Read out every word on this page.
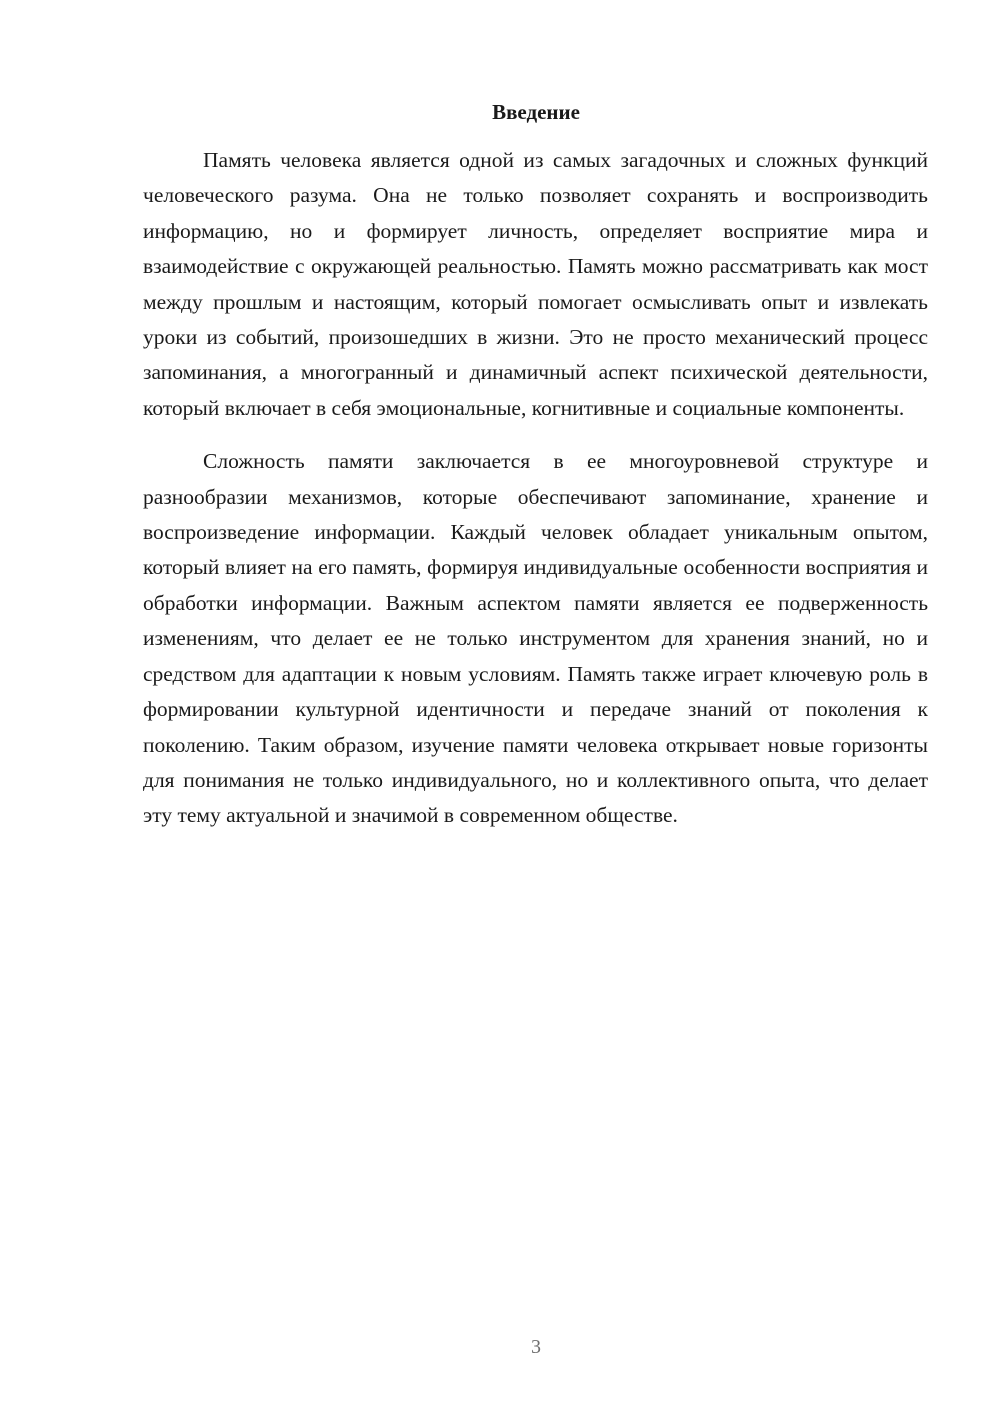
Введение

Память человека является одной из самых загадочных и сложных функций человеческого разума. Она не только позволяет сохранять и воспроизводить информацию, но и формирует личность, определяет восприятие мира и взаимодействие с окружающей реальностью. Память можно рассматривать как мост между прошлым и настоящим, который помогает осмысливать опыт и извлекать уроки из событий, произошедших в жизни. Это не просто механический процесс запоминания, а многогранный и динамичный аспект психической деятельности, который включает в себя эмоциональные, когнитивные и социальные компоненты.

Сложность памяти заключается в ее многоуровневой структуре и разнообразии механизмов, которые обеспечивают запоминание, хранение и воспроизведение информации. Каждый человек обладает уникальным опытом, который влияет на его память, формируя индивидуальные особенности восприятия и обработки информации. Важным аспектом памяти является ее подверженность изменениям, что делает ее не только инструментом для хранения знаний, но и средством для адаптации к новым условиям. Память также играет ключевую роль в формировании культурной идентичности и передаче знаний от поколения к поколению. Таким образом, изучение памяти человека открывает новые горизонты для понимания не только индивидуального, но и коллективного опыта, что делает эту тему актуальной и значимой в современном обществе.

3
